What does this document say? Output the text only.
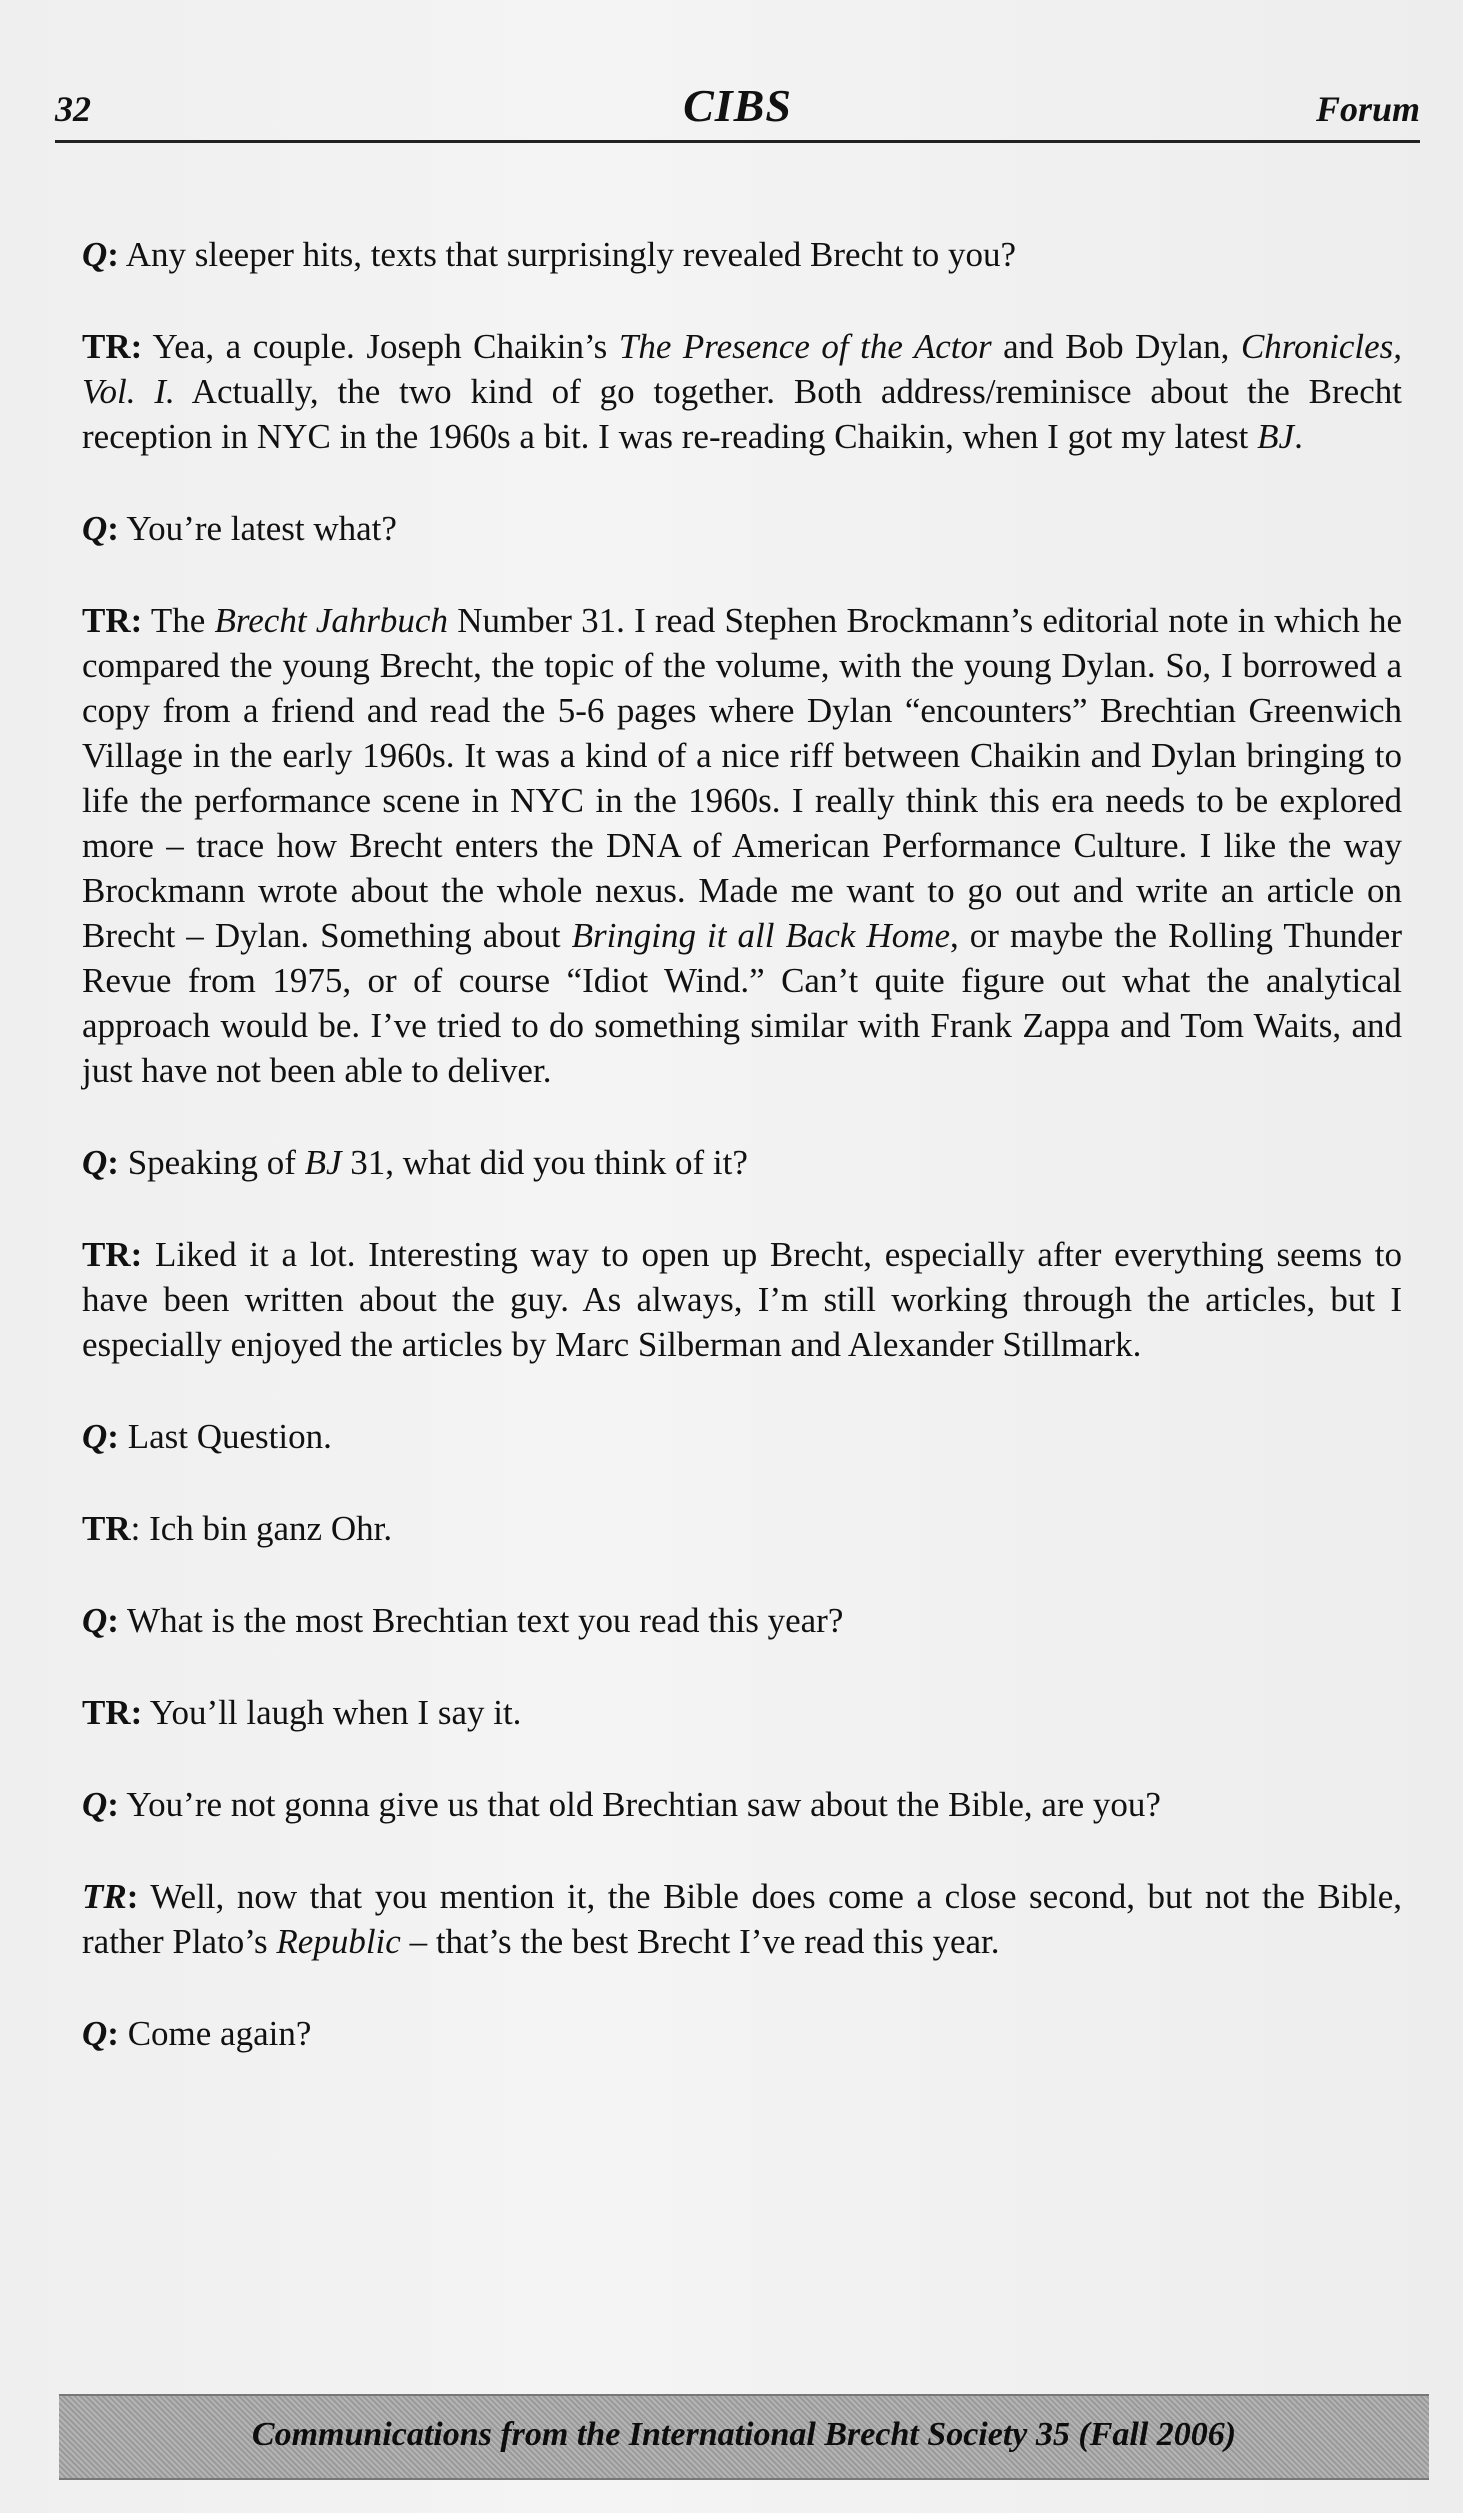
32	CIBS	Forum

Q: Any sleeper hits, texts that surprisingly revealed Brecht to you?

TR: Yea, a couple. Joseph Chaikin’s The Presence of the Actor and Bob Dylan, Chronicles, Vol. I. Actually, the two kind of go together. Both address/reminisce about the Brecht reception in NYC in the 1960s a bit. I was re-reading Chaikin, when I got my latest BJ.

Q: You’re latest what?

TR: The Brecht Jahrbuch Number 31. I read Stephen Brockmann’s editorial note in which he compared the young Brecht, the topic of the volume, with the young Dylan. So, I borrowed a copy from a friend and read the 5-6 pages where Dylan “encounters” Brechtian Greenwich Village in the early 1960s. It was a kind of a nice riff between Chaikin and Dylan bringing to life the performance scene in NYC in the 1960s. I really think this era needs to be explored more – trace how Brecht enters the DNA of American Performance Culture. I like the way Brockmann wrote about the whole nexus. Made me want to go out and write an article on Brecht – Dylan. Something about Bringing it all Back Home, or maybe the Rolling Thunder Revue from 1975, or of course “Idiot Wind.” Can’t quite figure out what the analytical approach would be. I’ve tried to do something similar with Frank Zappa and Tom Waits, and just have not been able to deliver.

Q: Speaking of BJ 31, what did you think of it?

TR: Liked it a lot. Interesting way to open up Brecht, especially after everything seems to have been written about the guy. As always, I’m still working through the articles, but I especially enjoyed the articles by Marc Silberman and Alexander Stillmark.

Q: Last Question.

TR: Ich bin ganz Ohr.

Q: What is the most Brechtian text you read this year?

TR: You’ll laugh when I say it.

Q: You’re not gonna give us that old Brechtian saw about the Bible, are you?

TR: Well, now that you mention it, the Bible does come a close second, but not the Bible, rather Plato’s Republic – that’s the best Brecht I’ve read this year.

Q: Come again?

Communications from the International Brecht Society 35 (Fall 2006)
